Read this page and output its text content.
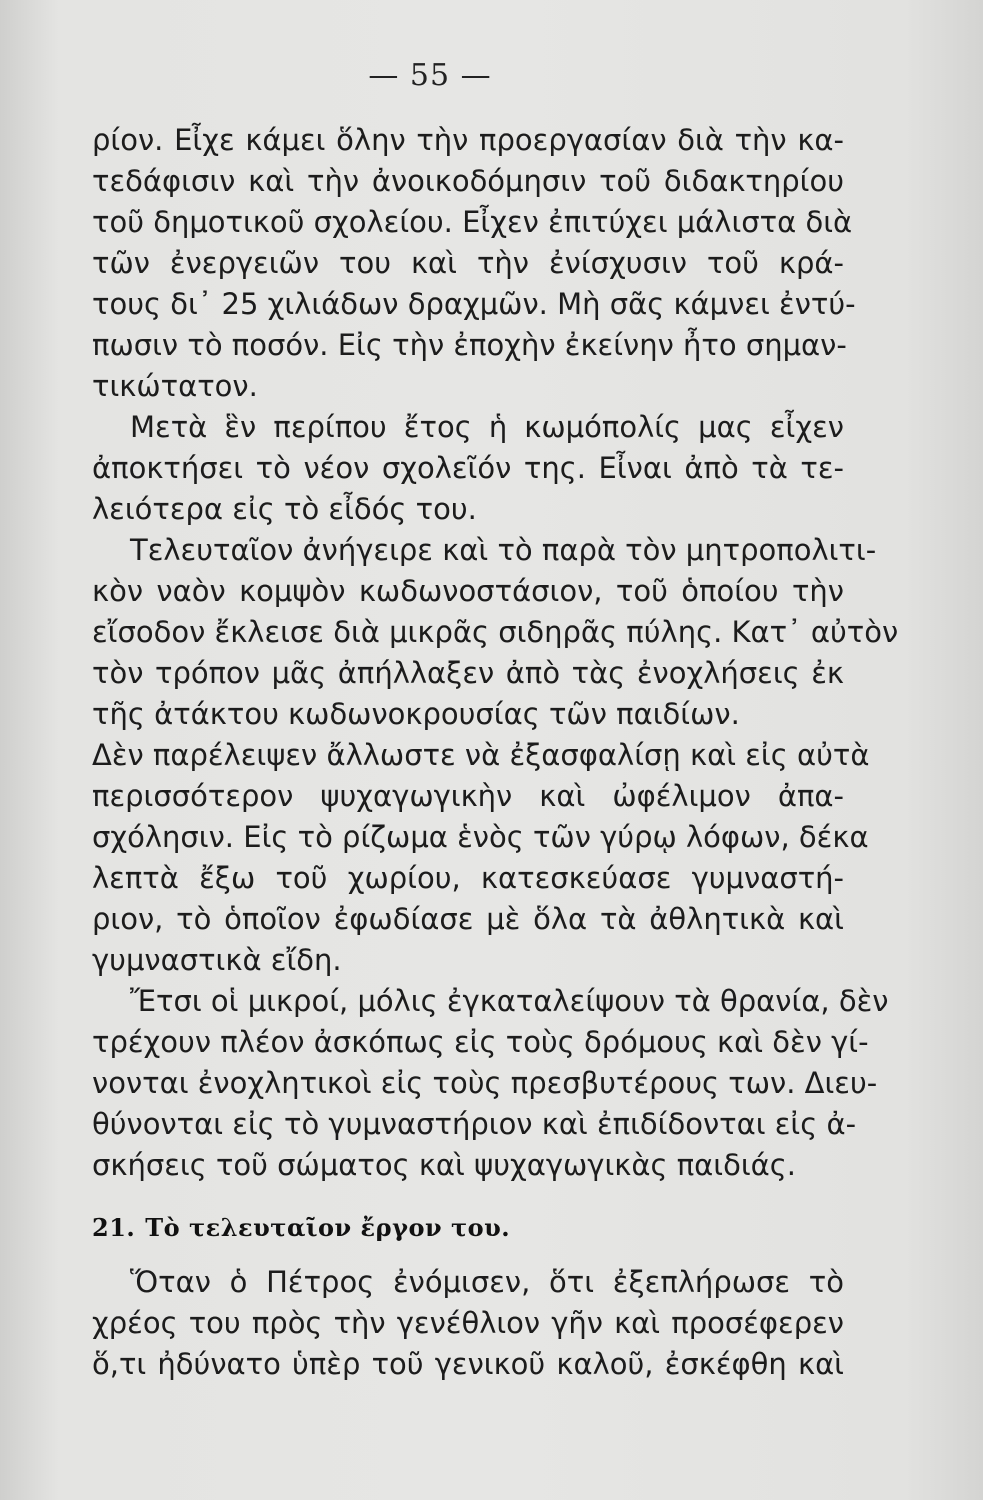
— 55 —
ρίον. Εἶχε κάμει ὅλην τὴν προεργασίαν διὰ τὴν κα-
τεδάφισιν καὶ τὴν ἀνοικοδόμησιν τοῦ διδακτηρίου
τοῦ δημοτικοῦ σχολείου. Εἶχεν ἐπιτύχει μάλιστα διὰ
τῶν ἐνεργειῶν του καὶ τὴν ἐνίσχυσιν τοῦ κρά-
τους δι᾿ 25 χιλιάδων δραχμῶν. Μὴ σᾶς κάμνει ἐντύ-
πωσιν τὸ ποσόν. Εἰς τὴν ἐποχὴν ἐκείνην ἦτο σημαν-
τικώτατον.
Μετὰ ἓν περίπου ἔτος ἡ κωμόπολίς μας εἶχεν
ἀποκτήσει τὸ νέον σχολεῖόν της. Εἶναι ἀπὸ τὰ τε-
λειότερα εἰς τὸ εἶδός του.
Τελευταῖον ἀνήγειρε καὶ τὸ παρὰ τὸν μητροπολιτι-
κὸν ναὸν κομψὸν κωδωνοστάσιον, τοῦ ὁποίου τὴν
εἴσοδον ἔκλεισε διὰ μικρᾶς σιδηρᾶς πύλης. Κατ᾿ αὐτὸν
τὸν τρόπον μᾶς ἀπήλλαξεν ἀπὸ τὰς ἐνοχλήσεις ἐκ
τῆς ἀτάκτου κωδωνοκρουσίας τῶν παιδίων.
Δὲν παρέλειψεν ἄλλωστε νὰ ἐξασφαλίσῃ καὶ εἰς αὐτὰ
περισσότερον ψυχαγωγικὴν καὶ ὠφέλιμον ἀπα-
σχόλησιν. Εἰς τὸ ρίζωμα ἑνὸς τῶν γύρῳ λόφων, δέκα
λεπτὰ ἔξω τοῦ χωρίου, κατεσκεύασε γυμναστή-
ριον, τὸ ὁποῖον ἐφωδίασε μὲ ὅλα τὰ ἀθλητικὰ καὶ
γυμναστικὰ εἴδη.
Ἔτσι οἱ μικροί, μόλις ἐγκαταλείψουν τὰ θρανία, δὲν
τρέχουν πλέον ἀσκόπως εἰς τοὺς δρόμους καὶ δὲν γί-
νονται ἐνοχλητικοὶ εἰς τοὺς πρεσβυτέρους των. Διευ-
θύνονται εἰς τὸ γυμναστήριον καὶ ἐπιδίδονται εἰς ἀ-
σκήσεις τοῦ σώματος καὶ ψυχαγωγικὰς παιδιάς.
21. Τὸ τελευταῖον ἔργον του.
Ὅταν ὁ Πέτρος ἐνόμισεν, ὅτι ἐξεπλήρωσε τὸ
χρέος του πρὸς τὴν γενέθλιον γῆν καὶ προσέφερεν
ὅ,τι ἠδύνατο ὑπὲρ τοῦ γενικοῦ καλοῦ, ἐσκέφθη καὶ
